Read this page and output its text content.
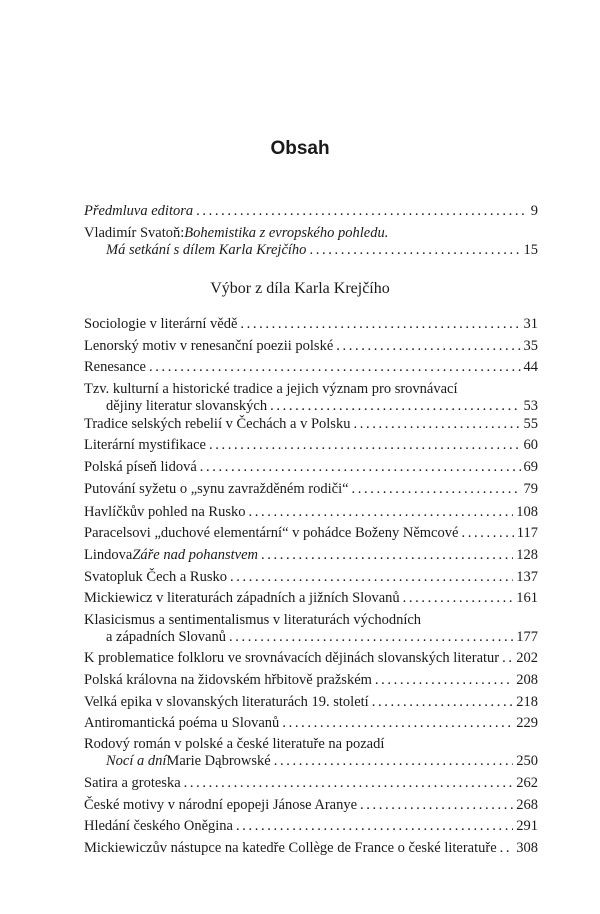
Obsah
Předmluva editora . . .	9
Vladimír Svatoň: Bohemistika z evropského pohledu.
Má setkání s dílem Karla Krejčího . . .	15
Výbor z díla Karla Krejčího
Sociologie v literární vědě . . .	31
Lenorský motiv v renesanční poezii polské . . .	35
Renesance . . .	44
Tzv. kulturní a historické tradice a jejich význam pro srovnávací
dějiny literatur slovanských . . .	53
Tradice selských rebelií v Čechách a v Polsku . . .	55
Literární mystifikace . . .	60
Polská píseň lidová . . .	69
Putování syžetu o „synu zavražděném rodiči“ . . .	79
Havlíčkův pohled na Rusko . . .	108
Paracelsovi „duchové elementární“ v pohádce Boženy Němcové . . .	117
Lindova Záře nad pohanstvem . . .	128
Svatopluk Čech a Rusko . . .	137
Mickiewicz v literaturách západních a jižních Slovanů . . .	161
Klasicismus a sentimentalismus v literaturách východních
a západních Slovanů . . .	177
K problematice folkloru ve srovnávacích dějinách slovanských literatur . . . 202
Polská královna na židovském hřbitově pražském . . .	208
Velká epika v slovanských literaturách 19. století . . .	218
Antiromantická poéma u Slovanů . . .	229
Rodový román v polské a české literatuře na pozadí
Nocí a dní Marie Dąbrowské . . .	250
Satira a groteska . . .	262
České motivy v národní epopeji Jánose Aranye . . .	268
Hledání českého Oněgina . . .	291
Mickiewiczův nástupce na katedře Collège de France o české literatuře . . . 308
